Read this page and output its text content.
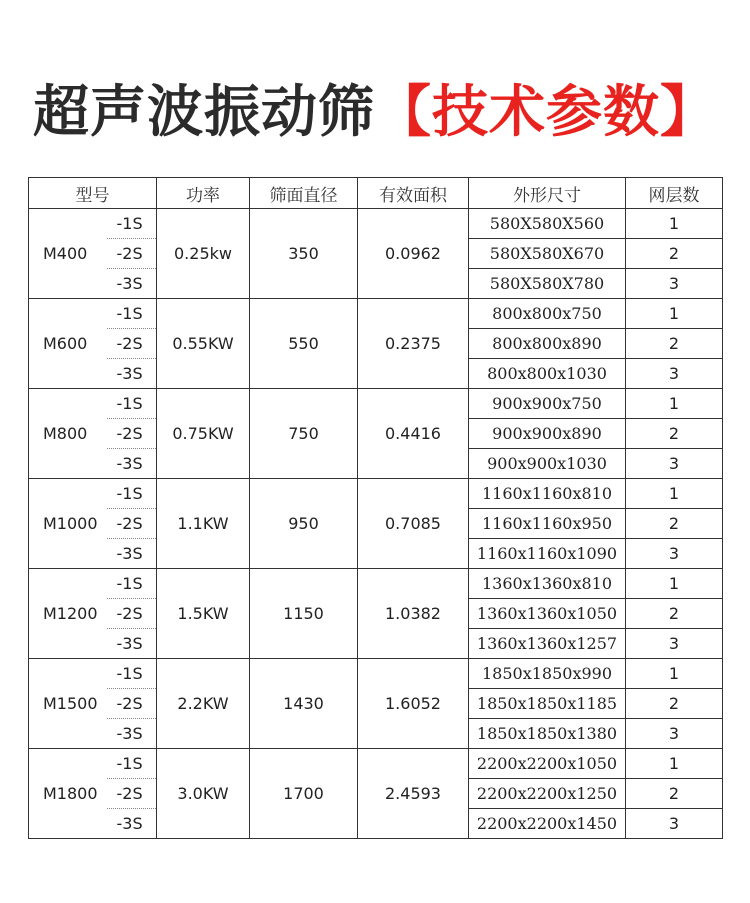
超声波振动筛【技术参数】
型号		功率	筛面直径	有效面积	外形尺寸	网层数
M400	-1S	0.25kw	350	0.0962	580X580X560	1
	-2S				580X580X670	2
	-3S				580X580X780	3
M600	-1S	0.55KW	550	0.2375	800x800x750	1
	-2S				800x800x890	2
	-3S				800x800x1030	3
M800	-1S	0.75KW	750	0.4416	900x900x750	1
	-2S				900x900x890	2
	-3S				900x900x1030	3
M1000	-1S	1.1KW	950	0.7085	1160x1160x810	1
	-2S				1160x1160x950	2
	-3S				1160x1160x1090	3
M1200	-1S	1.5KW	1150	1.0382	1360x1360x810	1
	-2S				1360x1360x1050	2
	-3S				1360x1360x1257	3
M1500	-1S	2.2KW	1430	1.6052	1850x1850x990	1
	-2S				1850x1850x1185	2
	-3S				1850x1850x1380	3
M1800	-1S	3.0KW	1700	2.4593	2200x2200x1050	1
	-2S				2200x2200x1250	2
	-3S				2200x2200x1450	3
